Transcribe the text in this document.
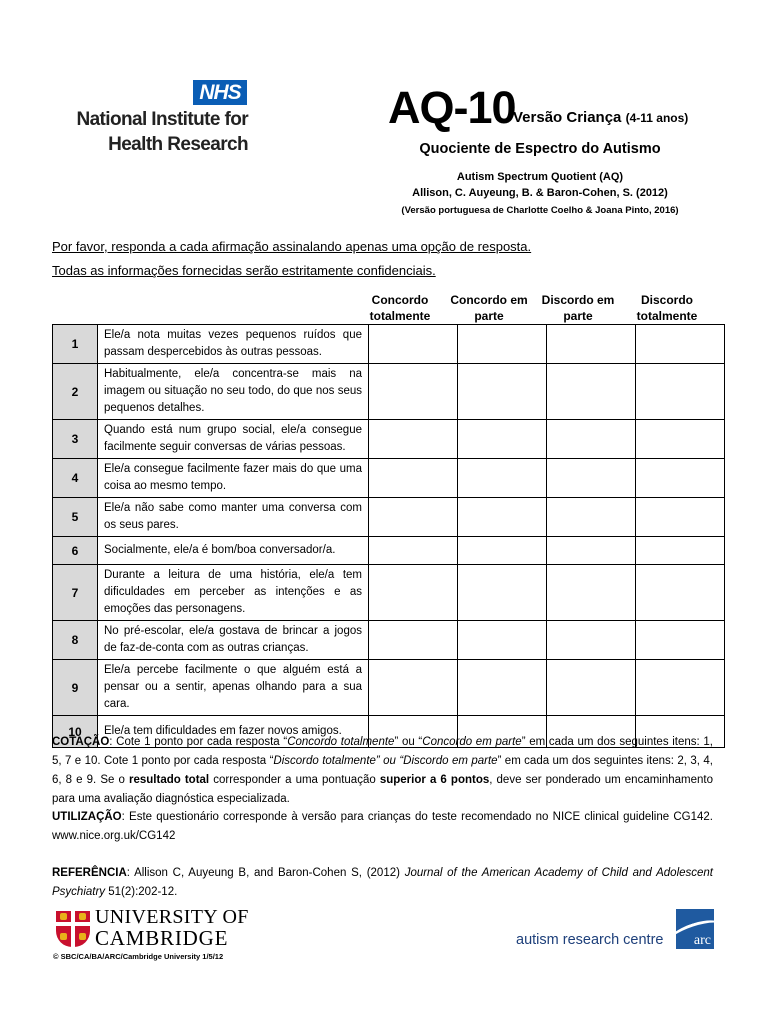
NHS
National Institute for
Health Research
AQ-10
Versão Criança (4-11 anos)
Quociente de Espectro do Autismo
Autism Spectrum Quotient (AQ)
Allison, C. Auyeung, B. & Baron-Cohen, S. (2012)
(Versão portuguesa de Charlotte Coelho & Joana Pinto, 2016)
Por favor, responda a cada afirmação assinalando apenas uma opção de resposta.
Todas as informações fornecidas serão estritamente confidenciais.
Concordo totalmente
Concordo em parte
Discordo em parte
Discordo totalmente
1	Ele/a nota muitas vezes pequenos ruídos que passam despercebidos às outras pessoas.				
2	Habitualmente, ele/a concentra-se mais na imagem ou situação no seu todo, do que nos seus pequenos detalhes.				
3	Quando está num grupo social, ele/a consegue facilmente seguir conversas de várias pessoas.				
4	Ele/a consegue facilmente fazer mais do que uma coisa ao mesmo tempo.				
5	Ele/a não sabe como manter uma conversa com os seus pares.				
6	Socialmente, ele/a é bom/boa conversador/a.				
7	Durante a leitura de uma história, ele/a tem dificuldades em perceber as intenções e as emoções das personagens.				
8	No pré-escolar, ele/a gostava de brincar a jogos de faz-de-conta com as outras crianças.				
9	Ele/a percebe facilmente o que alguém está a pensar ou a sentir, apenas olhando para a sua cara.				
10	Ele/a tem dificuldades em fazer novos amigos.				
COTAÇÃO: Cote 1 ponto por cada resposta “Concordo totalmente” ou “Concordo em parte” em cada um dos seguintes itens: 1, 5, 7 e 10. Cote 1 ponto por cada resposta “Discordo totalmente” ou “Discordo em parte” em cada um dos seguintes itens: 2, 3, 4, 6, 8 e 9. Se o resultado total corresponder a uma pontuação superior a 6 pontos, deve ser ponderado um encaminhamento para uma avaliação diagnóstica especializada.
UTILIZAÇÃO: Este questionário corresponde à versão para crianças do teste recomendado no NICE clinical guideline CG142. www.nice.org.uk/CG142
REFERÊNCIA: Allison C, Auyeung B, and Baron-Cohen S, (2012) Journal of the American Academy of Child and Adolescent Psychiatry 51(2):202-12.
UNIVERSITY OF
CAMBRIDGE
© SBC/CA/BA/ARC/Cambridge University 1/5/12
autism research centre arc
